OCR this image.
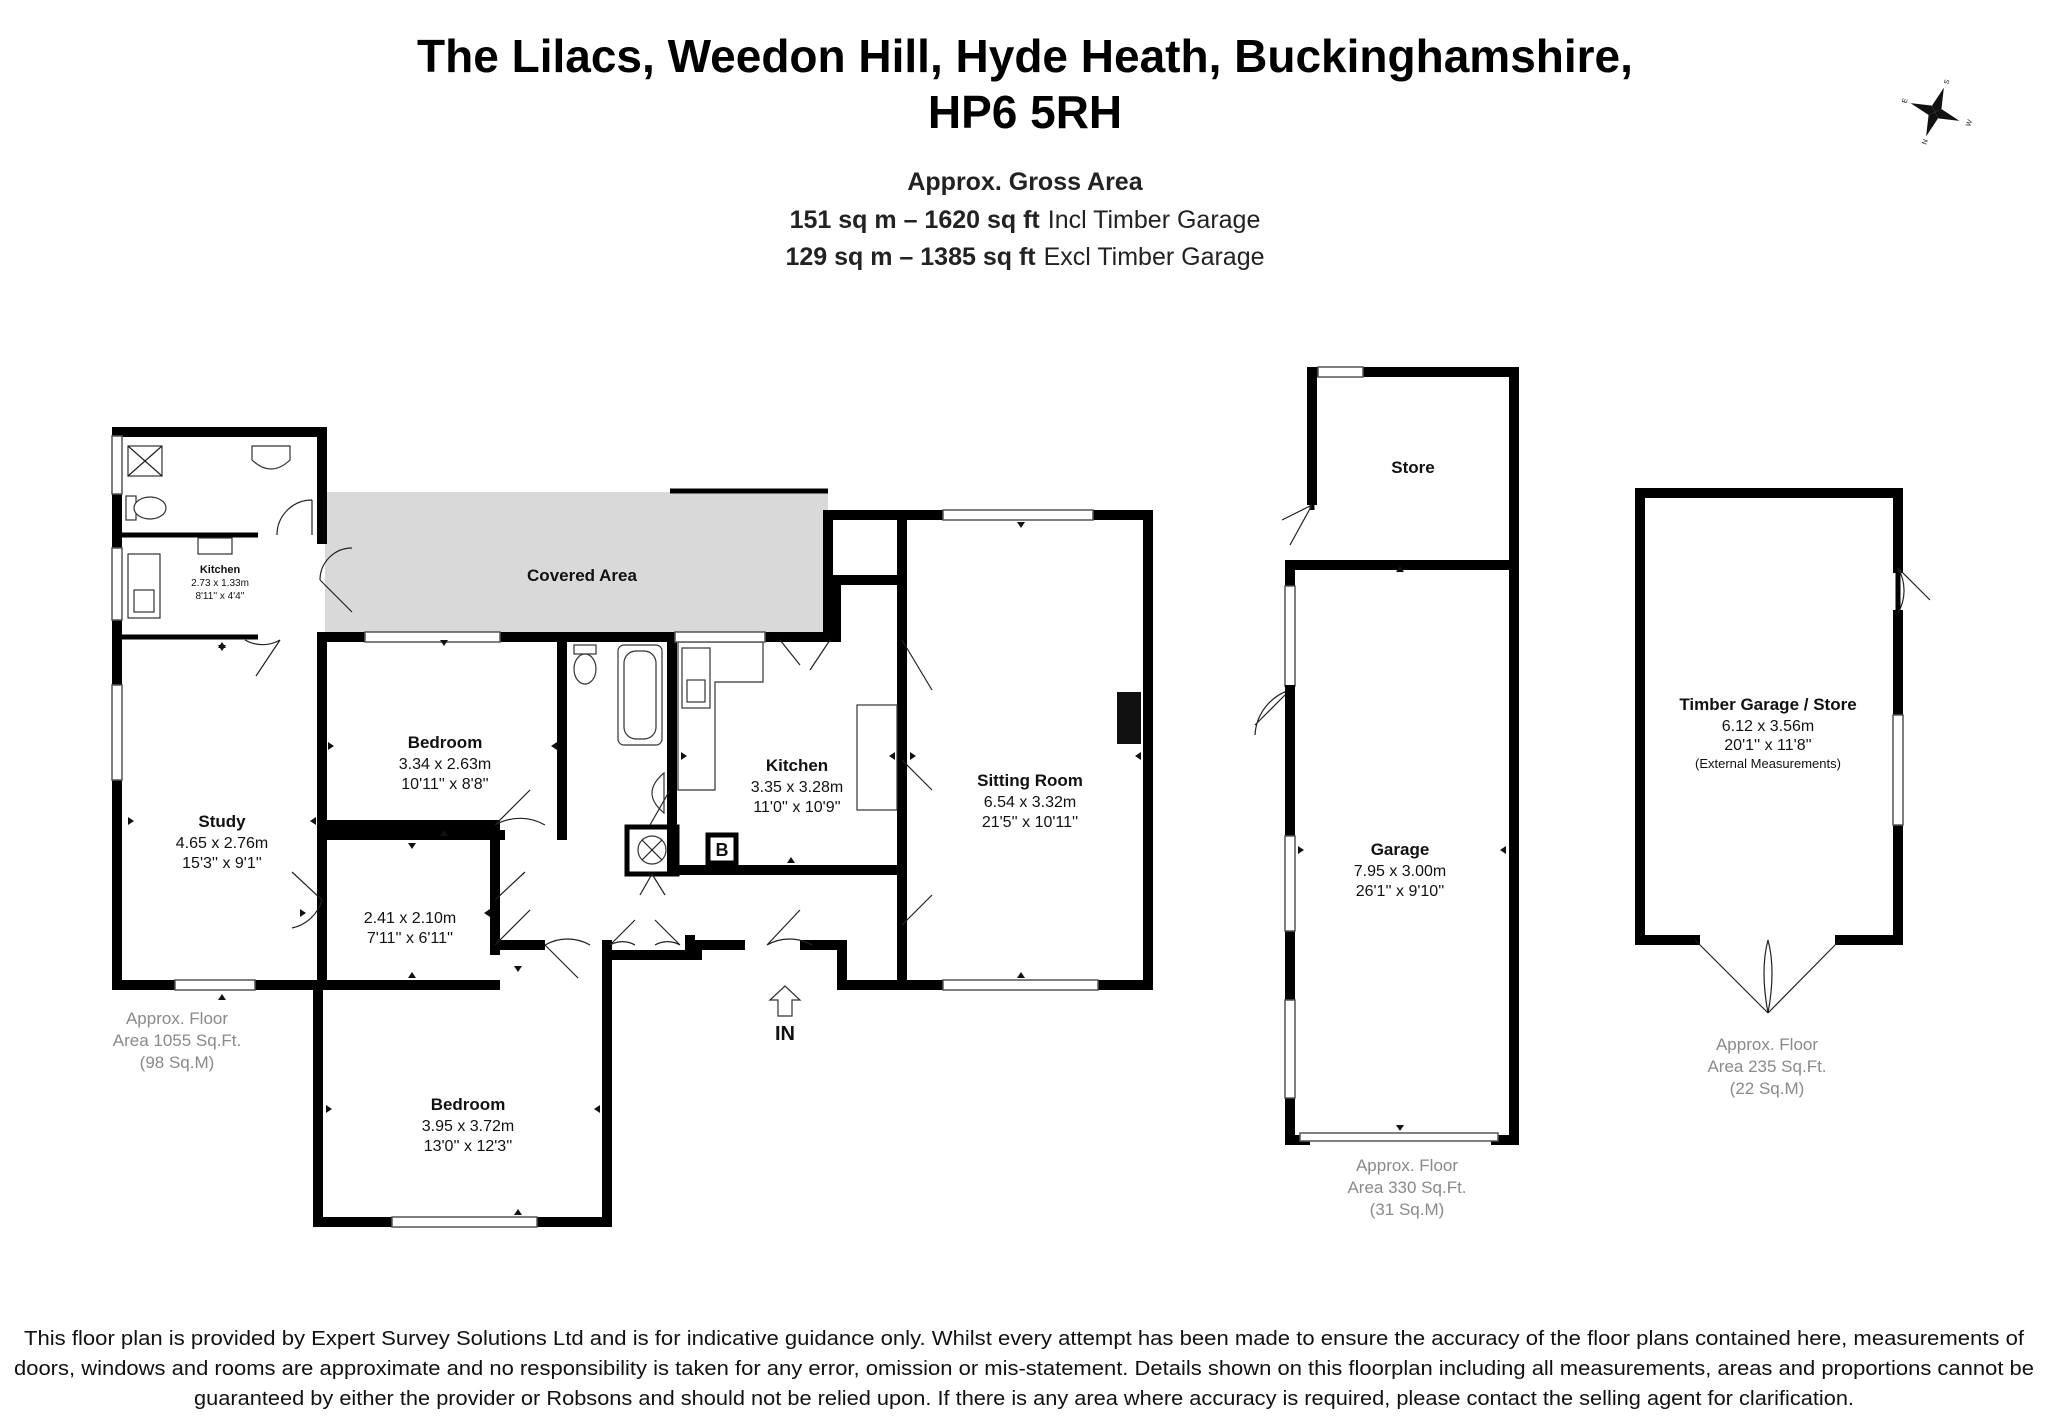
The Lilacs, Weedon Hill, Hyde Heath, Buckinghamshire,
HP6 5RH
Approx. Gross Area
151 sq m – 1620 sq ft Incl Timber Garage
129 sq m – 1385 sq ft Excl Timber Garage
N
E
S
W
Kitchen
2.73 x 1.33m
8'11'' x 4'4''
B
IN
Covered Area
Bedroom
3.34 x 2.63m
10'11'' x 8'8''
Study
4.65 x 2.76m
15'3'' x 9'1''
2.41 x 2.10m
7'11'' x 6'11''
Kitchen
3.35 x 3.28m
11'0'' x 10'9''
Sitting Room
6.54 x 3.32m
21'5'' x 10'11''
Bedroom
3.95 x 3.72m
13'0'' x 12'3''
Store
Garage
7.95 x 3.00m
26'1'' x 9'10''
Timber Garage / Store
6.12 x 3.56m
20'1'' x 11'8''
(External Measurements)
Approx. Floor
Area 1055 Sq.Ft.
(98 Sq.M)
Approx. Floor
Area 330 Sq.Ft.
(31 Sq.M)
Approx. Floor
Area 235 Sq.Ft.
(22 Sq.M)
This floor plan is provided by Expert Survey Solutions Ltd and is for indicative guidance only. Whilst every attempt has been made to ensure the accuracy of the floor plans contained here, measurements of
doors, windows and rooms are approximate and no responsibility is taken for any error, omission or mis-statement. Details shown on this floorplan including all measurements, areas and proportions cannot be
guaranteed by either the provider or Robsons and should not be relied upon. If there is any area where accuracy is required, please contact the selling agent for clarification.
